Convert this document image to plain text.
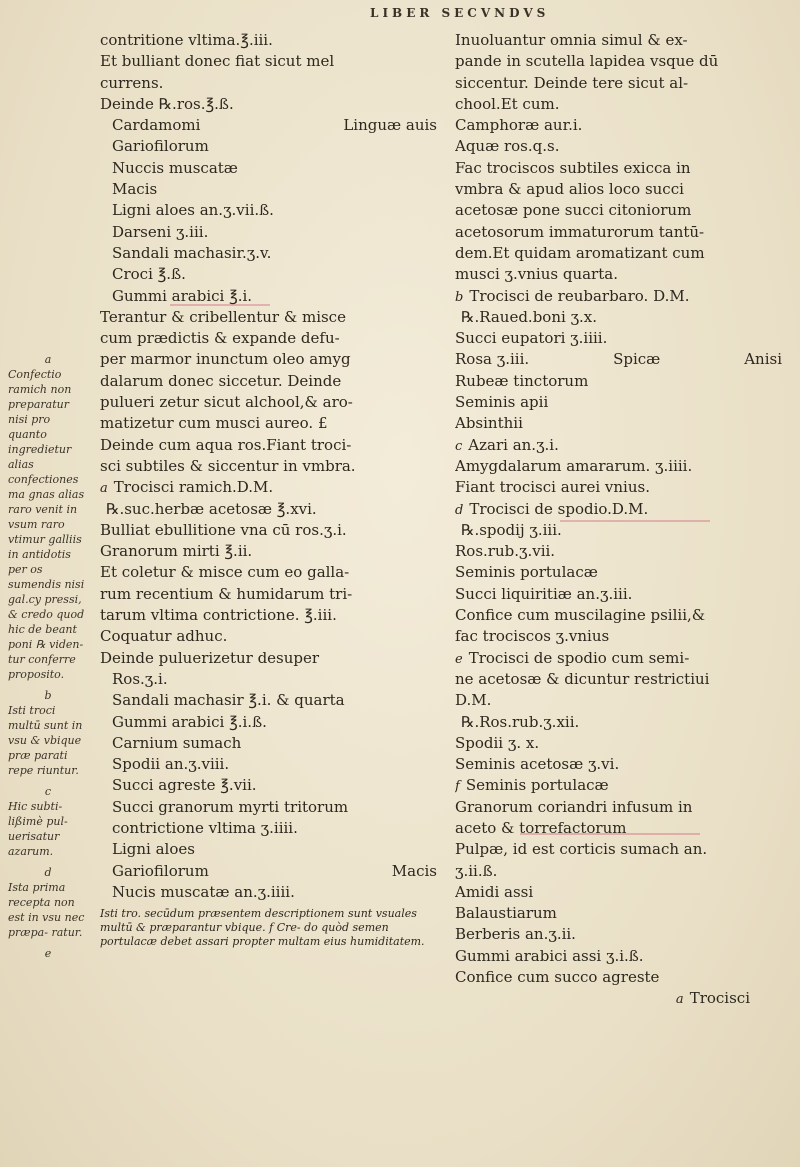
LIBER SECVNDVS
a
Confectio ramich non preparatur nisi pro quanto ingredietur alias confectiones ma gnas alias raro venit in vsum raro vtimur galliis in antidotis per os sumendis nisi gal.cy pressi, & credo quod hic de beant poni ℞ viden- tur conferre proposito.
b
Isti troci multū sunt in vsu & vbique præ parati repe riuntur.
c
Hic subti- lißimè pul- uerisatur azarum.
d
Ista prima recepta non est in vsu nec præpa- ratur.
e
contritione vltima.℥.iii.
Et bulliant donec fiat sicut mel
currens.
Deinde ℞.ros.℥.ß.
Cardamomi	Linguæ auis
Gariofilorum
Nuccis muscatæ
Macis
Ligni aloes an.ʒ.vii.ß.
Darseni ʒ.iii.
Sandali machasir.ʒ.v.
Croci ℥.ß.
Gummi arabici ℥.i.
Terantur & cribellentur & misce
cum prædictis & expande defu-
per marmor inunctum oleo amyg
dalarum donec siccetur. Deinde
pulueri zetur sicut alchool,& aro-
matizetur cum musci aureo. £
Deinde cum aqua ros.Fiant troci-
sci subtiles & siccentur in vmbra.
a Trocisci ramich.D.M.
℞.suc.herbæ acetosæ ℥.xvi.
Bulliat ebullitione vna cū ros.ʒ.i.
Granorum mirti ℥.ii.
Et coletur & misce cum eo galla-
rum recentium & humidarum tri-
tarum vltima contrictione. ℥.iii.
Coquatur adhuc.
Deinde puluerizetur desuper
Ros.ʒ.i.
Sandali machasir ℥.i. & quarta
Gummi arabici ℥.i.ß.
Carnium sumach
Spodii an.ʒ.viii.
Succi agreste ℥.vii.
Succi granorum myrti tritorum
contrictione vltima ʒ.iiii.
Ligni aloes
Gariofilorum	Macis
Nucis muscatæ an.ʒ.iiii.
Isti tro. secūdum præsentem descriptionem sunt vsuales multū & præparantur vbique. f Cre- do quòd semen portulacæ debet assari propter multam eius humiditatem.
Inuoluantur omnia simul & ex-
pande in scutella lapidea vsque dū
siccentur. Deinde tere sicut al-
chool.Et cum.
Camphoræ aur.i.
Aquæ ros.q.s.
Fac trociscos subtiles exicca in
vmbra & apud alios loco succi
acetosæ pone succi citoniorum
acetosorum immaturorum tantū-
dem.Et quidam aromatizant cum
musci ʒ.vnius quarta.
b Trocisci de reubarbaro. D.M.
℞.Raued.boni ʒ.x.
Succi eupatori ʒ.iiii.
Rosa ʒ.iii.	Spicæ	Anisi
Rubeæ tinctorum
Seminis apii
Absinthii
c Azari an.ʒ.i.
Amygdalarum amararum. ʒ.iiii.
Fiant trocisci aurei vnius.
d Trocisci de spodio.D.M.
℞.spodij ʒ.iii.
Ros.rub.ʒ.vii.
Seminis portulacæ
Succi liquiritiæ an.ʒ.iii.
Confice cum muscilagine psilii,&
fac trociscos ʒ.vnius
e Trocisci de spodio cum semi-
ne acetosæ & dicuntur restrictiui
D.M.
℞.Ros.rub.ʒ.xii.
Spodii ʒ. x.
Seminis acetosæ ʒ.vi.
f Seminis portulacæ
Granorum coriandri infusum in
aceto & torrefactorum
Pulpæ, id est corticis sumach an.
ʒ.ii.ß.
Amidi assi
Balaustiarum
Berberis an.ʒ.ii.
Gummi arabici assi ʒ.i.ß.
Confice cum succo agreste
a Trocisci
